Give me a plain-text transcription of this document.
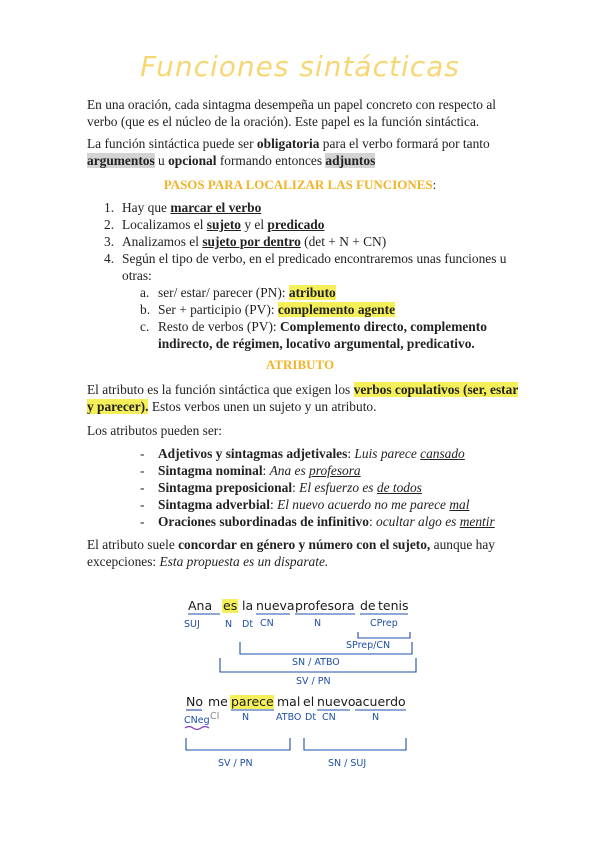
Funciones sintácticas

En una oración, cada sintagma desempeña un papel concreto con respecto al verbo (que es el núcleo de la oración). Este papel es la función sintáctica.

La función sintáctica puede ser obligatoria para el verbo formará por tanto
argumentos u opcional formando entonces adjuntos
PASOS PARA LOCALIZAR LAS FUNCIONES:
1. Hay que marcar el verbo
2. Localizamos el sujeto y el predicado
3. Analizamos el sujeto por dentro (det + N + CN)
4. Según el tipo de verbo, en el predicado encontraremos unas funciones u
otras:
a. ser/ estar/ parecer (PN): atributo
b. Ser + participio (PV): complemento agente
c. Resto de verbos (PV): Complemento directo, complemento
indirecto, de régimen, locativo argumental, predicativo.
ATRIBUTO
El atributo es la función sintáctica que exigen los verbos copulativos (ser, estar
y parecer). Estos verbos unen un sujeto y un atributo.
Los atributos pueden ser:
- Adjetivos y sintagmas adjetivales: Luis parece cansado
- Sintagma nominal: Ana es profesora
- Sintagma preposicional: El esfuerzo es de todos
- Sintagma adverbial: El nuevo acuerdo no me parece mal
- Oraciones subordinadas de infinitivo: ocultar algo es mentir
El atributo suele concordar en género y número con el sujeto, aunque hay
excepciones: Esta propuesta es un disparate.
Ana es la nueva profesora de tenis
SUJ	N Dt CN	N	CPrep
SPrep/CN
SN / ATBO
SV / PN
No me parece mal el nuevo acuerdo
CNeg CI N	ATBO Dt CN	N
SV / PN	SN / SUJ
